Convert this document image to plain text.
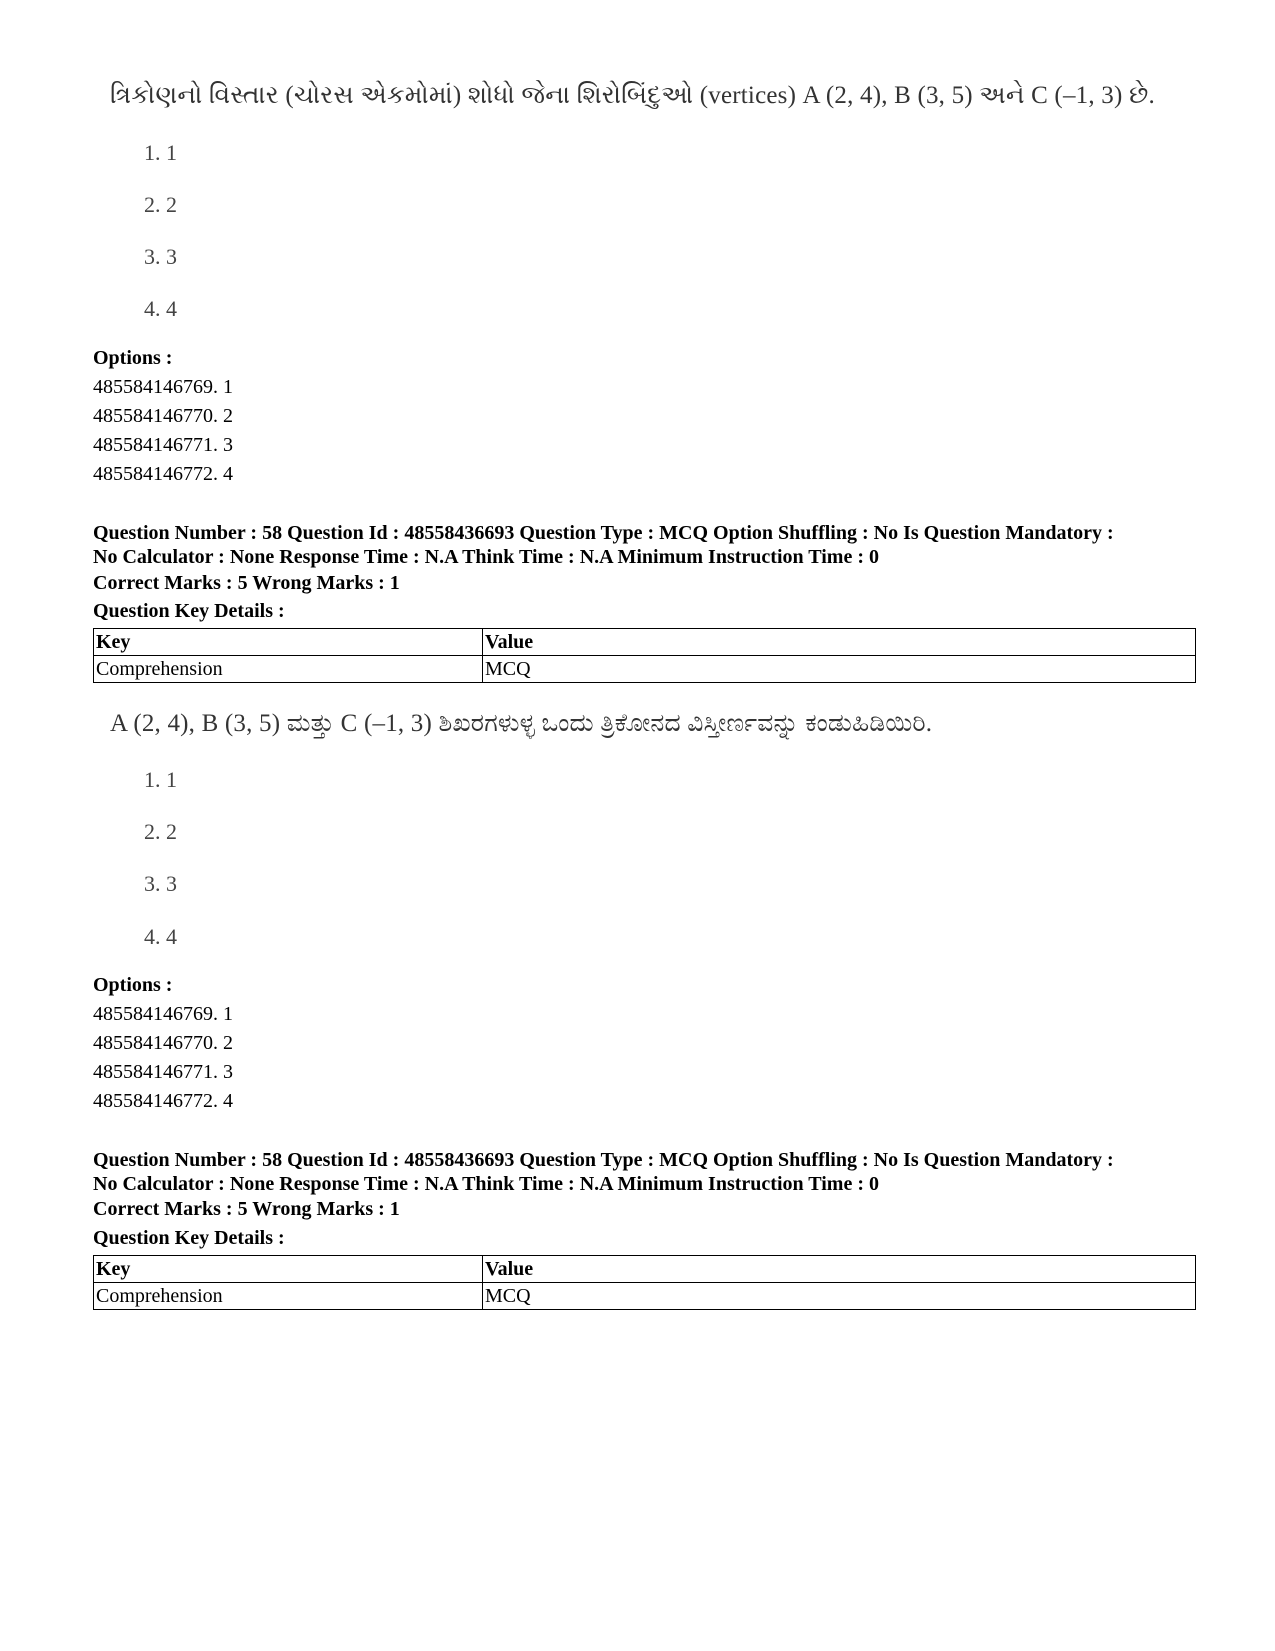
ત્રિકોણનો વિસ્તાર (ચોરસ એકમોમાં) શોધો જેના શિરોબિંદુઓ (vertices) A (2, 4), B (3, 5) અને C (–1, 3) છે.
1. 1
2. 2
3. 3
4. 4
Options :
485584146769. 1
485584146770. 2
485584146771. 3
485584146772. 4
Question Number : 58 Question Id : 48558436693 Question Type : MCQ Option Shuffling : No Is Question Mandatory :
No Calculator : None Response Time : N.A Think Time : N.A Minimum Instruction Time : 0
Correct Marks : 5 Wrong Marks : 1
Question Key Details :
Key	Value
Comprehension	MCQ
A (2, 4), B (3, 5) ಮತ್ತು C (–1, 3) ಶಿಖರಗಳುಳ್ಳ ಒಂದು ತ್ರಿಕೋನದ ವಿಸ್ತೀರ್ಣವನ್ನು ಕಂಡುಹಿಡಿಯಿರಿ.
1. 1
2. 2
3. 3
4. 4
Options :
485584146769. 1
485584146770. 2
485584146771. 3
485584146772. 4
Question Number : 58 Question Id : 48558436693 Question Type : MCQ Option Shuffling : No Is Question Mandatory :
No Calculator : None Response Time : N.A Think Time : N.A Minimum Instruction Time : 0
Correct Marks : 5 Wrong Marks : 1
Question Key Details :
Key	Value
Comprehension	MCQ
